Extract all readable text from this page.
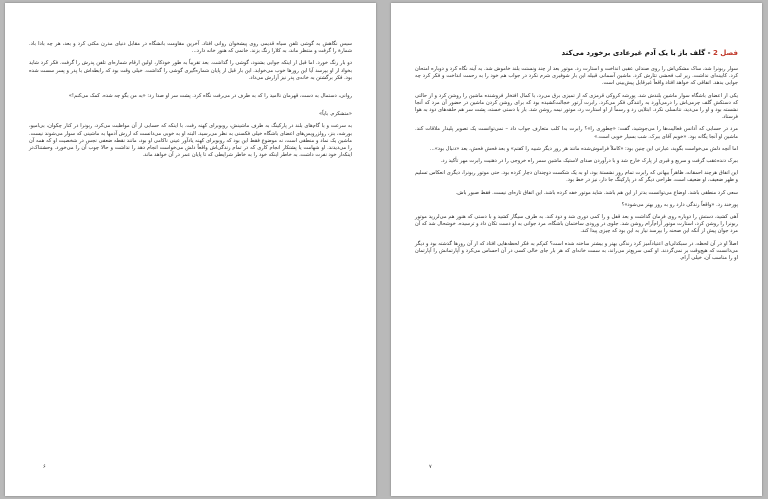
سیس نگاهش به گوشی تلفن سیاه قدیمی روی پیشخوان روانی افتاد. آخرین مقاومت بانشگاه در مقابل دنیای مدرن مکثی کرد و بعد، هر چه بادا باد. شمارهٔ را گرفت و منتظر ماند، به کلارا زنگ بزند. خانمی که هنوز خانه دارد...

دو بار زنگ خورد. اما قبل از اینکه جوابی بشنود، گوشی را گذاشت. بعد تقریباً به طور خودکار، اولین ارقام شماره‌ای تلفن پدرش را گرفت. فکر کرد شاید بخواد از او بپرسد آیا این روزها خوب می‌خوابد. این بار قبل از پایان شماره‌گیری گوشی را گذاشت. خیلی وقت بود که رابطه‌اش با پدر و پسر سست شده بود. فکر برگشتن به خانه‌ی پدر نیز آزارش می‌داد.

روانی، دستمال به دست، قهرمان ناامید را که به طرف در می‌رفت نگاه کرد. پشت سر او صدا زد: «به من بگو چه شده. کمک می‌کنم!»

«متشکرم. بایاً»

به سرعت و با گام‌های بلند در پارکینگ به طرف ماشینش، روبوبرای کهنه رفت. با اینکه که حسابی از آن مواظبت می‌کرد، ربونرا در کنار چکوان، بی‌امیو، بورشه، بنز، رولزرویس‌های اعضای باشگاه خیلی فکسنی به نظر می‌رسید. البته او به خوبی می‌دانست که ارزش آدمها به ماشینی که سوار می‌شوند نیست. ماشین یک نماد و منطقی است، نه موضوع فقط این بود که روبوبرای کهنه یادآور عینی ناکامی او بود، مانند نقطه ضعفی نجس در شخصیت او که همه آن را می‌دیدند. او شهامت یا پشتکار انجام کاری که در تمام زندگی‌اش واقعاً دلش می‌خواست انجام دهد را نداشت و حالا چوب آن را می‌خورد. وحشتناک‌تر اینکه‌از خود نفرت داشت، به خاطر اینکه خود را به خاطر شرایطی که تا پایان عمر در آن خواهد ماند.

۶
فصل 2 - گلف باز با یک آدم غیرعادی برخورد می‌کند

سوار ربونرا شد، ساک مشکی‌اش را روی صندلی عقبی انداخت و استارت زد. موتور بعد از چند ونستت بلند خاموش شد. به آینه نگاه کرد و دوباره امتحان کرد. کابینه‌ای نداشت. زیر لب فحشی نثارش کرد. ماشین آسمانی قبیله این بار شوفیری شرم نکرد در جواب هم خود را به زحمت انداخت و فکر کرد چه جوابی بدهد. اتفاقی که خواهد افتاد واقعاً غیرقابل پیش‌بینی است.

یکی از اعضای باشگاه سوار ماشین بلندش شد. پورشه کروکی قرمزی که از تمیزی برق می‌زد، با کمال افتخار فروشنده ماشین را روشن کرد و از حالتی که دستکش گلف چرمی‌اش را درمی‌آورد به رانندگی فکر می‌کرد. رابرت آرتور خجالت‌کشیده بود که برای روشن کردن ماشین در حضور آن مرد که آنجا نشسته بود و او را می‌دید، نتانسلی نکرد. ابتلایی زد و رسماً از او استارت زد، موتور نیمه روشن شد. باز با دستی خسته، پشت سر هم حلقه‌های دود به هوا فرستاد.

مرد در حسابی که آذانس فعالیت‌ها را می‌جوشید، گفت: «چطوری را»؟ رابرت به‌ا کلب متعارف جواب داد – نمی‌توانست یک تصویر پلیدار ملاقات کند. ماشین او آنجا یگانه بود. «خوبم آقای ببرک. شب بسیار خوبی است.»

اما آنچه دلش می‌خواست بگوید، عبارتی این چنین بود: «کاملاً فراموش‌شده مانند هر روز دیگر شبیه را کفتم» و بعد فحش فحش، بعد «دنبال بود»...

ببرک دنده‌عقب گرفت و سریع و قبری از پارک خارج شد و با درآوردن صدای لاستیک ماشین سمر راه خروجی را در ذهنیت رابرت مهر تأکید زد.

این اتفاق هرچند احمقانه، ظاهراً بیهانی که رابرت تمام روز نشستهٔ بود، او به یک شکست دوچندان دچار کرده بود. حتی موتور ربونرا، دیگری انعکاس تسلیم و ظهر ضعیف، او ضعیف است، طراحی دیگر که در پارکینگ جا دار، نیز در خط بود.

سعی کرد منطقی باشد. اوضاع می‌توانست بدتر از این هم باشد. شاید موتور خفه کرده باشد. این اتفاق تازه‌ای نیست. فقط صبور باش.

پوزخند زد. «واقعاً زندگی دارد رو به روز بهتر می‌شود»؟

آهی کشید، دستش را دوباره روی فرمان گذاشت و بعد قفل و را کمی دوری شد و دود کند. به طرف سیگار کشید و با دستی که هنوز هم می‌لرزید موتور ربونرا را روشن کرد، استارت موتور آرام‌آرام روشن شد. جلوی در ورودی ساختمان باشگاه، مرد جوانی به او دست تکان داد و ترسیده. خوشحال شد که آن مرد جوان پیش از آنکه این صحنه را بپرسد نیاز به این بود که چیزی پیدا کند.

اصلاً او در آن لحظه، در سبکدلی‌ای اعتیادآمیز کرد زندگی بهتر و بیشتر ساخته شده است؟ کم‌کم به فکر لحظه‌هایی افتاد که از آن روزها گذشته بود و دیگر می‌دانست که هیچ‌وقت بر نمی‌گردند. او کمی سریع‌تر می‌راند، به سمت خانه‌ای که هر بار جای خالی کسی در آن احساس می‌کرد و آپارتمانش را آپارتمان او را مناسب آن، خیلی آرام.

۷
